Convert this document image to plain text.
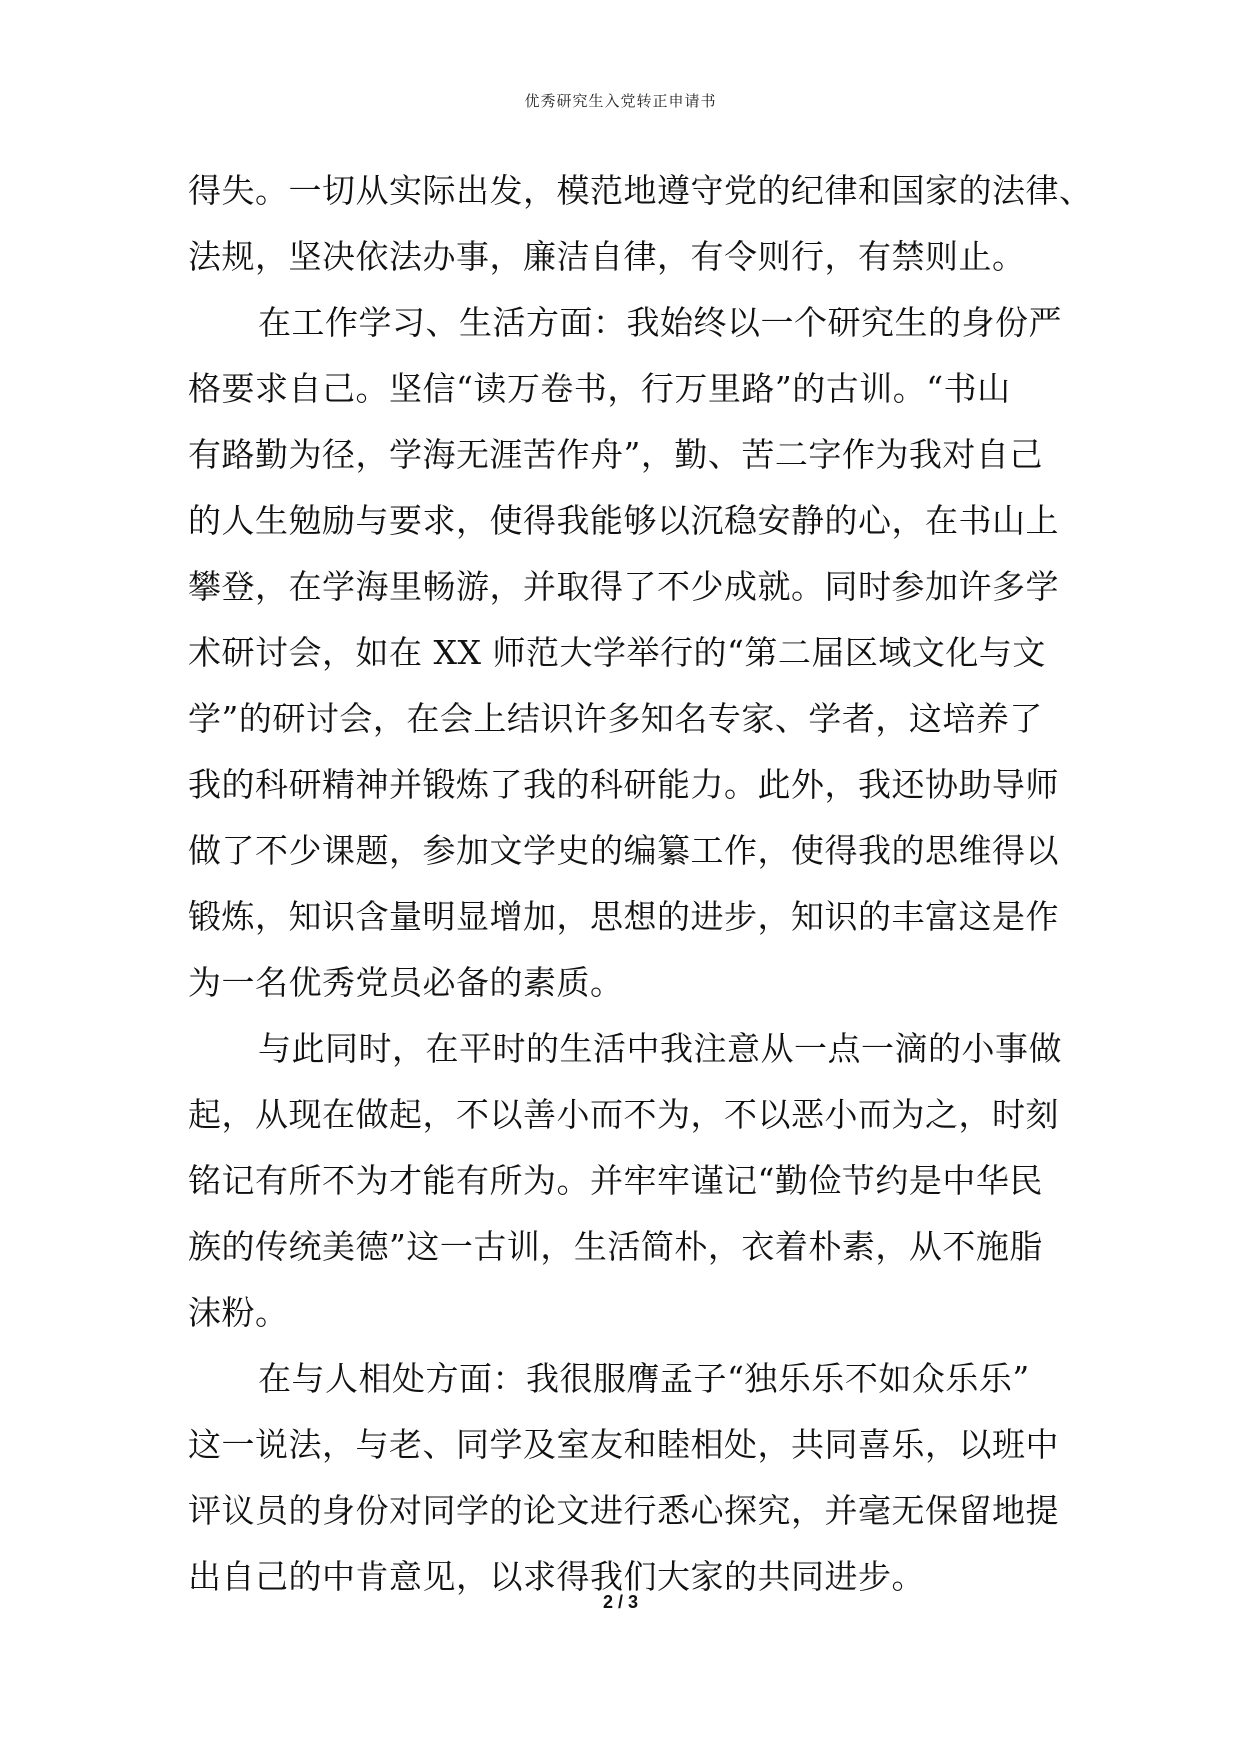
优秀研究生入党转正申请书
得失。一切从实际出发，模范地遵守党的纪律和国家的法律、
法规，坚决依法办事，廉洁自律，有令则行，有禁则止。
在工作学习、生活方面：我始终以一个研究生的身份严
格要求自己。坚信“读万卷书，行万里路”的古训。“书山
有路勤为径，学海无涯苦作舟”，勤、苦二字作为我对自己
的人生勉励与要求，使得我能够以沉稳安静的心，在书山上
攀登，在学海里畅游，并取得了不少成就。同时参加许多学
术研讨会，如在 XX 师范大学举行的“第二届区域文化与文
学”的研讨会，在会上结识许多知名专家、学者，这培养了
我的科研精神并锻炼了我的科研能力。此外，我还协助导师
做了不少课题，参加文学史的编纂工作，使得我的思维得以
锻炼，知识含量明显增加，思想的进步，知识的丰富这是作
为一名优秀党员必备的素质。
与此同时，在平时的生活中我注意从一点一滴的小事做
起，从现在做起，不以善小而不为，不以恶小而为之，时刻
铭记有所不为才能有所为。并牢牢谨记“勤俭节约是中华民
族的传统美德”这一古训，生活简朴，衣着朴素，从不施脂
沫粉。
在与人相处方面：我很服膺孟子“独乐乐不如众乐乐”
这一说法，与老、同学及室友和睦相处，共同喜乐，以班中
评议员的身份对同学的论文进行悉心探究，并毫无保留地提
出自己的中肯意见，以求得我们大家的共同进步。
2 / 3
